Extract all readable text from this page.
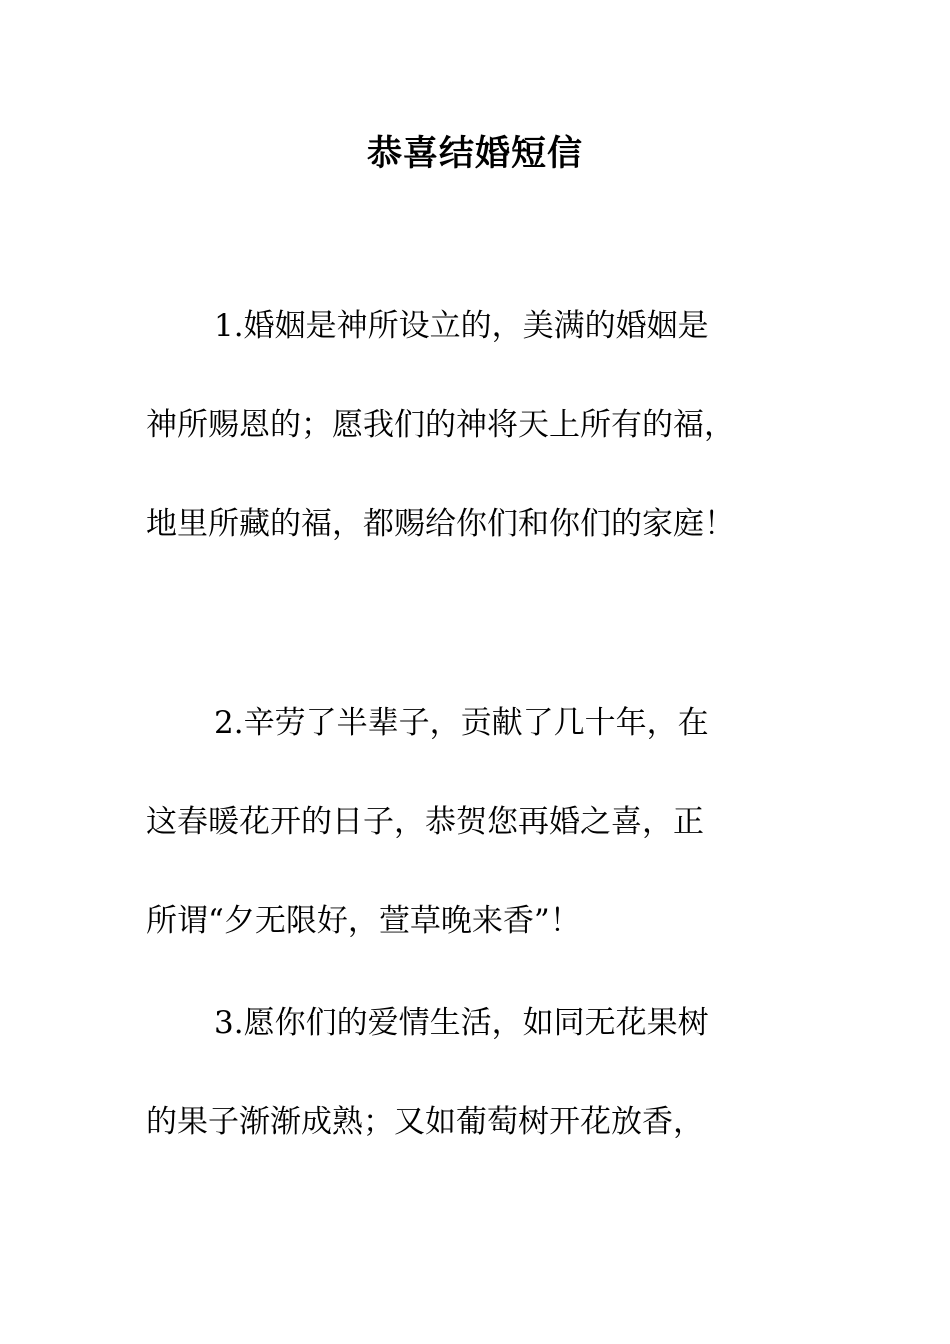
恭喜结婚短信
1.婚姻是神所设立的，美满的婚姻是
神所赐恩的；愿我们的神将天上所有的福，
地里所藏的福，都赐给你们和你们的家庭！
2.辛劳了半辈子，贡献了几十年，在
这春暖花开的日子，恭贺您再婚之喜，正
所谓“夕无限好，萱草晚来香”！
3.愿你们的爱情生活，如同无花果树
的果子渐渐成熟；又如葡萄树开花放香，
